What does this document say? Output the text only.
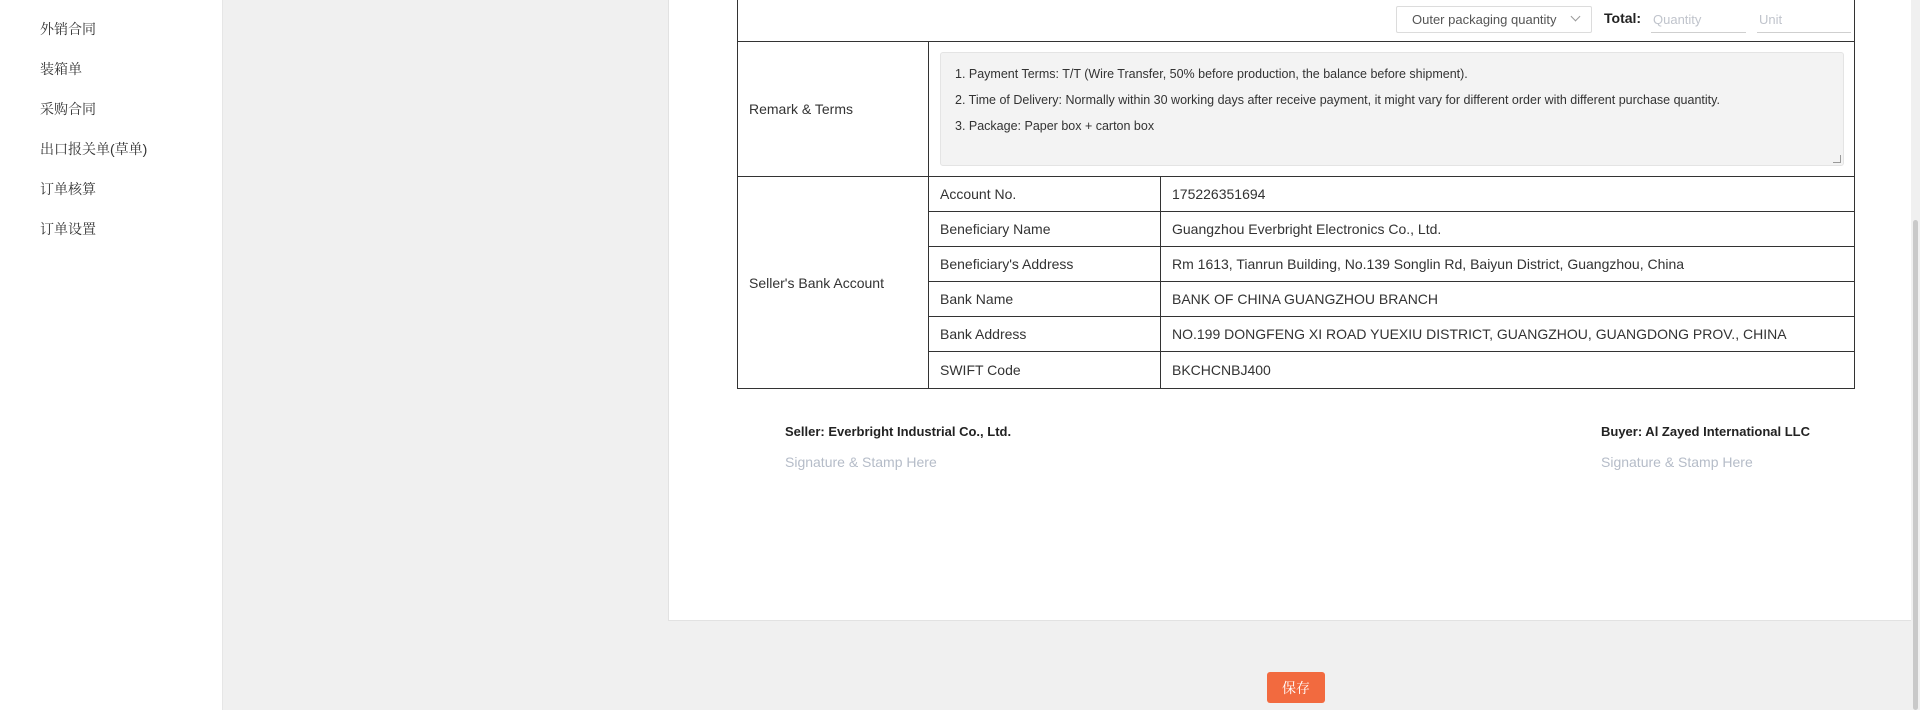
外销合同
装箱单
采购合同
出口报关单(草单)
订单核算
订单设置
Outer packaging quantity	Total:
Quantity
Unit
Remark & Terms
1. Payment Terms: T/T (Wire Transfer, 50% before production, the balance before shipment).
2. Time of Delivery: Normally within 30 working days after receive payment, it might vary for different order with different purchase quantity.
3. Package: Paper box + carton box
Seller's Bank Account
Account No.	175226351694
Beneficiary Name	Guangzhou Everbright Electronics Co., Ltd.
Beneficiary's Address	Rm 1613, Tianrun Building, No.139 Songlin Rd, Baiyun District, Guangzhou, China
Bank Name	BANK OF CHINA GUANGZHOU BRANCH
Bank Address	NO.199 DONGFENG XI ROAD YUEXIU DISTRICT, GUANGZHOU, GUANGDONG PROV., CHINA
SWIFT Code	BKCHCNBJ400
Seller: Everbright Industrial Co., Ltd.
Signature & Stamp Here
Buyer: Al Zayed International LLC
Signature & Stamp Here
保存
